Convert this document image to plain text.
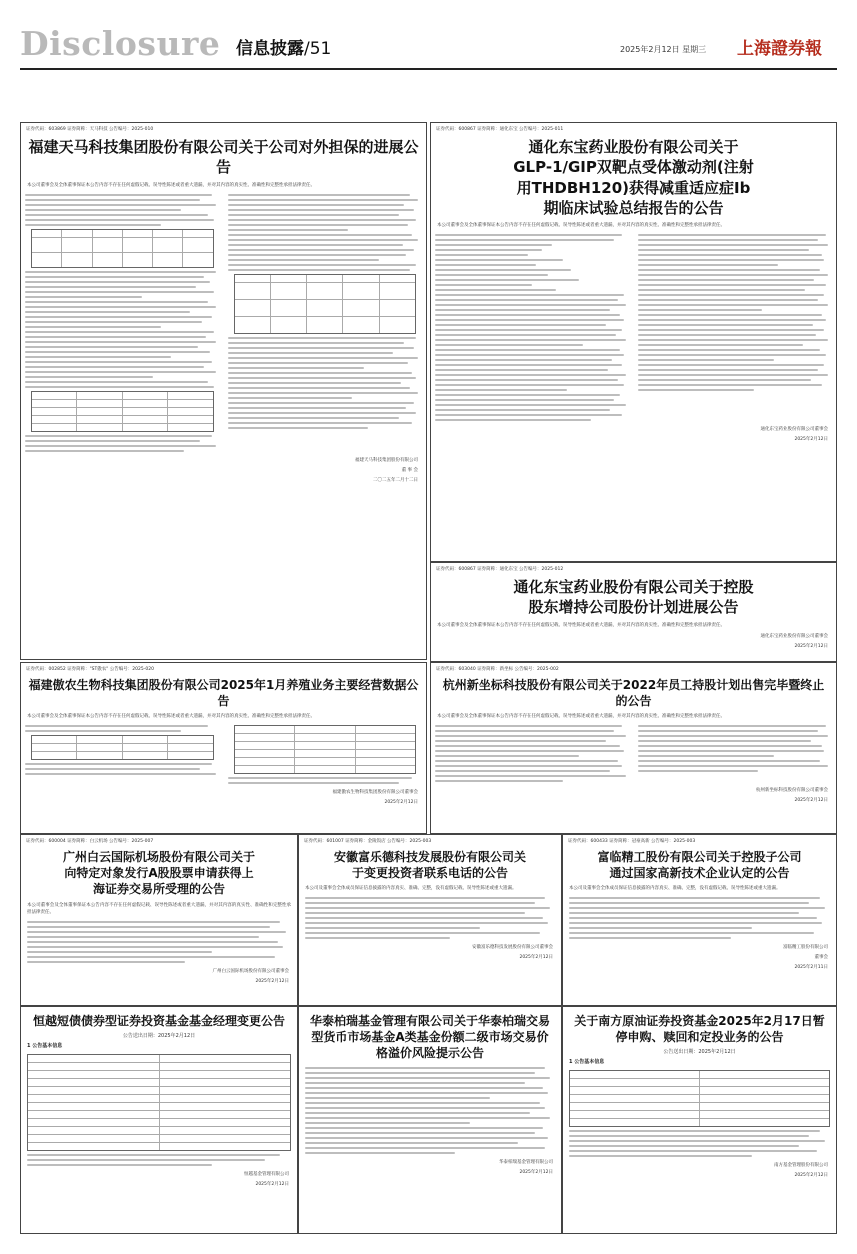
Disclosure 信息披露/51	2025年2月12日 星期三 上海證券報
证券代码：603869 证券简称：天马科技 公告编号：2025-010
福建天马科技集团股份有限公司关于公司对外担保的进展公告
本公司董事会及全体董事保证本公告内容不存在任何虚假记载、误导性陈述或者重大遗漏，并对其内容的真实性、准确性和完整性承担法律责任。
福建天马科技集团股份有限公司
董 事 会
二〇二五年二月十二日
证券代码：600867 证券简称：通化东宝 公告编号：2025-011
通化东宝药业股份有限公司关于GLP-1/GIP双靶点受体激动剂(注射用THDBH120)获得减重适应症Ib期临床试验总结报告的公告
本公司董事会及全体董事保证本公告内容不存在任何虚假记载、误导性陈述或者重大遗漏，并对其内容的真实性、准确性和完整性承担法律责任。
通化东宝药业股份有限公司董事会
2025年2月12日
证券代码：600867 证券简称：通化东宝 公告编号：2025-012
通化东宝药业股份有限公司关于控股股东增持公司股份计划进展公告
本公司董事会及全体董事保证本公告内容不存在任何虚假记载、误导性陈述或者重大遗漏，并对其内容的真实性、准确性和完整性承担法律责任。
通化东宝药业股份有限公司董事会
2025年2月12日
证券代码：002852 证券简称："ST傲农" 公告编号：2025-020
福建傲农生物科技集团股份有限公司2025年1月养殖业务主要经营数据公告
本公司董事会及全体董事保证本公告内容不存在任何虚假记载、误导性陈述或者重大遗漏，并对其内容的真实性、准确性和完整性承担法律责任。
福建傲农生物科技集团股份有限公司董事会
2025年2月12日
证券代码：603040 证券简称：新坐标 公告编号：2025-002
杭州新坐标科技股份有限公司关于2022年员工持股计划出售完毕暨终止的公告
本公司董事会及全体董事保证本公告内容不存在任何虚假记载、误导性陈述或者重大遗漏，并对其内容的真实性、准确性和完整性承担法律责任。
杭州新坐标科技股份有限公司董事会
2025年2月12日
证券代码：600004 证券简称：白云机场 公告编号：2025-007
广州白云国际机场股份有限公司关于向特定对象发行A股股票申请获得上海证券交易所受理的公告
本公司董事会及全体董事保证本公告内容不存在任何虚假记载、误导性陈述或者重大遗漏，并对其内容的真实性、准确性和完整性承担法律责任。
广州白云国际机场股份有限公司董事会
2025年2月12日
证券代码：601007 证券简称：金陵饭店 公告编号：2025-003
安徽富乐德科技发展股份有限公司关于变更投资者联系电话的公告
本公司及董事会全体成员保证信息披露的内容真实、准确、完整，没有虚假记载、误导性陈述或重大遗漏。
安徽富乐德科技发展股份有限公司董事会
2025年2月12日
证券代码：600433 证券简称：冠豪高新 公告编号：2025-003
富临精工股份有限公司关于控股子公司通过国家高新技术企业认定的公告
本公司及董事会全体成员保证信息披露的内容真实、准确、完整，没有虚假记载、误导性陈述或重大遗漏。
富临精工股份有限公司
董事会
2025年2月11日
恒越短债债券型证券投资基金基金经理变更公告
公告送出日期：2025年2月12日
1 公告基本信息
恒越基金管理有限公司
2025年2月12日
华泰柏瑞基金管理有限公司关于华泰柏瑞交易型货币市场基金A类基金份额二级市场交易价格溢价风险提示公告
华泰柏瑞基金管理有限公司
2025年2月12日
关于南方原油证券投资基金2025年2月17日暂停申购、赎回和定投业务的公告
公告送出日期：2025年2月12日
1 公告基本信息
南方基金管理股份有限公司
2025年2月12日
